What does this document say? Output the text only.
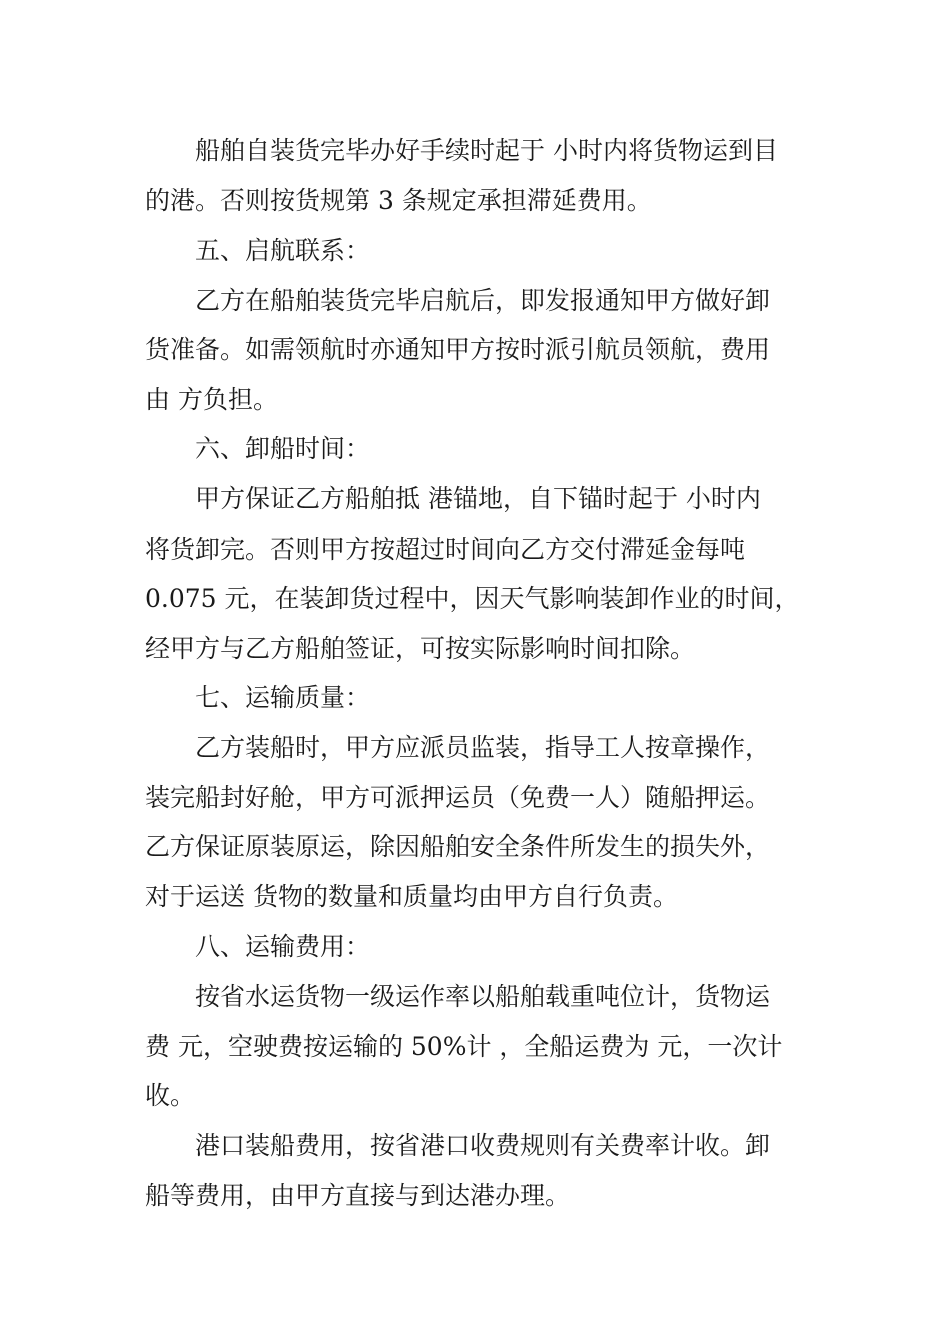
船舶自装货完毕办好手续时起于 小时内将货物运到目
的港。否则按货规第 3 条规定承担滞延费用。
五、启航联系：
乙方在船舶装货完毕启航后，即发报通知甲方做好卸
货准备。如需领航时亦通知甲方按时派引航员领航，费用
由 方负担。
六、卸船时间：
甲方保证乙方船舶抵 港锚地，自下锚时起于 小时内
将货卸完。否则甲方按超过时间向乙方交付滞延金每吨
0.075 元，在装卸货过程中，因天气影响装卸作业的时间，
经甲方与乙方船舶签证，可按实际影响时间扣除。
七、运输质量：
乙方装船时，甲方应派员监装，指导工人按章操作，
装完船封好舱，甲方可派押运员（免费一人）随船押运。
乙方保证原装原运，除因船舶安全条件所发生的损失外，
对于运送 货物的数量和质量均由甲方自行负责。
八、运输费用：
按省水运货物一级运作率以船舶载重吨位计，货物运
费 元，空驶费按运输的 50%计 ，全船运费为 元，一次计
收。
港口装船费用，按省港口收费规则有关费率计收。卸
船等费用，由甲方直接与到达港办理。
